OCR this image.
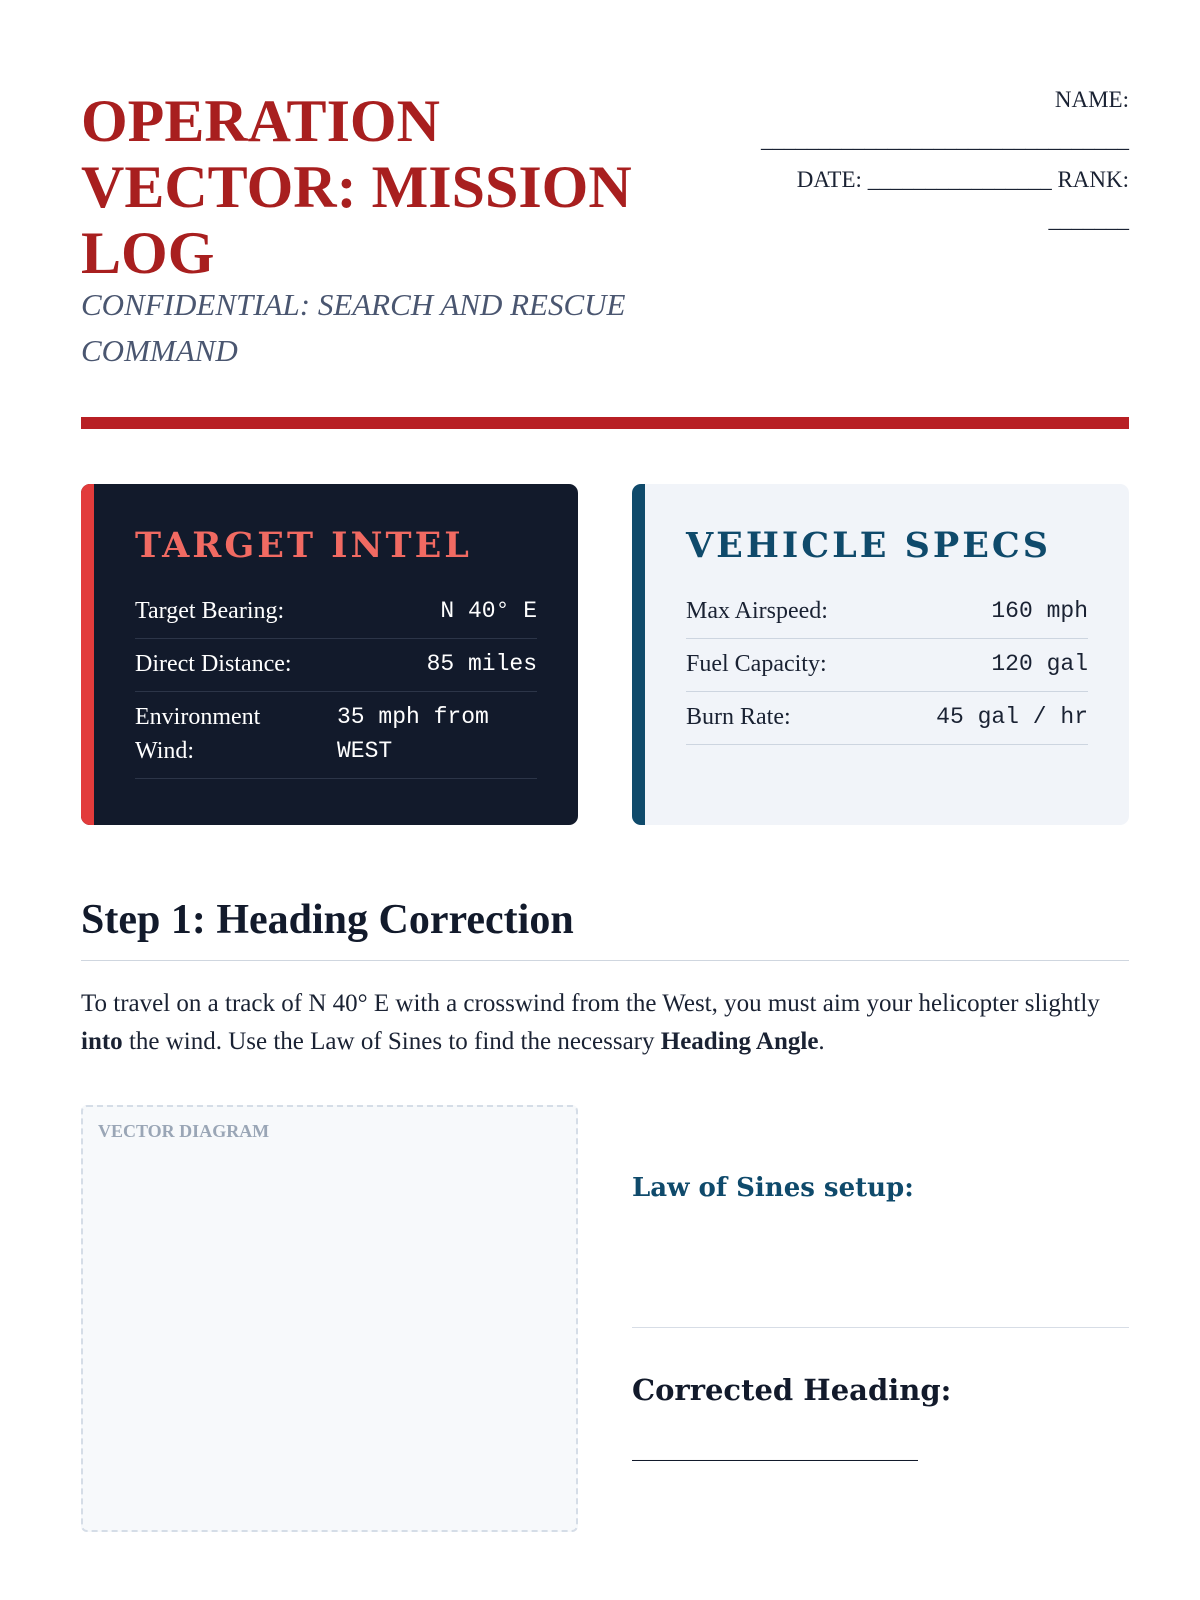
OPERATION VECTOR: MISSION LOG

CONFIDENTIAL: SEARCH AND RESCUE COMMAND

NAME:
________________________________
DATE: ________________ RANK:
_______
TARGET INTEL
Target Bearing:	N 40° E
Direct Distance:	85 miles
Environment Wind:
35 mph from WEST
VEHICLE SPECS
Max Airspeed:	160 mph
Fuel Capacity:	120 gal
Burn Rate:	45 gal / hr
Step 1: Heading Correction

To travel on a track of N 40° E with a crosswind from the West, you must aim your helicopter slightly into the wind. Use the Law of Sines to find the necessary Heading Angle.

VECTOR DIAGRAM
Law of Sines setup:
Corrected Heading:
______________________
